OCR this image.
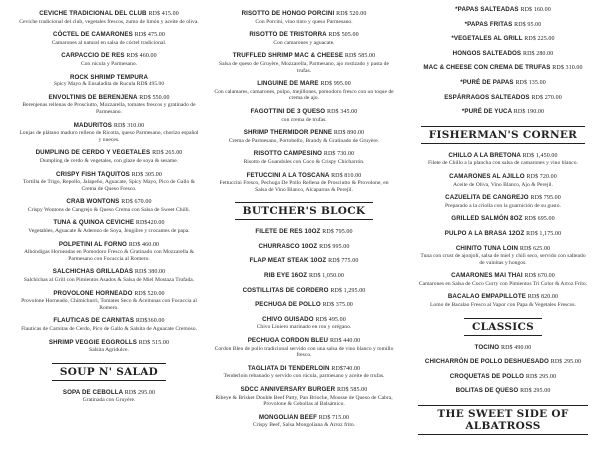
CEVICHE TRADICIONAL DEL CLUB RD$ 415.00
Ceviche tradicional del club, vegetales frescos, zumo de limón y aceite de oliva.
CÓCTEL DE CAMARONES RD$ 475.00
Camarones al natural en salsa de cóctel tradicional.
CARPACCIO DE RES RD$ 460.00
Con rúcula y Parmesano.
ROCK SHRIMP TEMPURA
Spicy Mayo & Ensaladita de Rucula RD$ 495.00
ENVOLTINIS DE BERENJENA RD$ 550.00
Berenjenas rellenas de Prosciutto, Mozzarella, tomates frescos y gratinado de Parmesano.
MADURITOS RD$ 310.00
Lonjas de plátano maduro relleno de Ricotta, queso Parmesano, chorizo español y nueces.
DUMPLING DE CERDO Y VEGETALES RD$ 265.00
Dumpling de cerdo & vegetales, con glaze de soya & sesame.
CRISPY FISH TAQUITOS RD$ 305.00
Tortilla de Trigo, Repollo, Jalapeño, Aguacate, Spicy Mayo, Pico de Gallo & Crema de Queso Fresco.
CRAB WONTONS RD$ 670.00
Crispy Wontons de Cangrejo & Queso Crema con Salsa de Sweet Chilli.
TUNA & QUINOA CEVICHE RD$420.00
Vegetables, Aguacate & Aderezo de Soya, Jengibre y crocantes de papa.
POLPETINI AL FORNO RD$ 460.00
Albóndigas Horneadas en Pomodoro Fresco & Gratinado con Mozzarella & Parmesano con Focaccia al Romero.
SALCHICHAS GRILLADAS RD$ 380.00
Salchichas al Grill con Pimientos Asados & Salsa de Miel Mostaza Trufada.
PROVOLONE HORNEADO RD$ 520.00
Provolone Horneado, Chimichurri, Tomates Seco & Aceitunas con Focaccia al Romero.
FLAUTICAS DE CARNITAS RD$360.00
Flauticas de Carnitas de Cerdo, Pico de Gallo & Salsita de Aguacate Cremoso.
SHRIMP VEGGIE EGGROLLS RD$ 515.00
Salsita Agridulce.
SOUP N' SALAD
SOPA DE CEBOLLA RD$ 295.00
Gratinada con Gruyère.
RISOTTO DE HONGO PORCINI RD$ 520.00
Con Porcini, vino tinto y queso Parmesano.
RISOTTO DE TRISTORRA RD$ 505.00
Con camarones y aguacate.
TRUFFLED SHRIMP MAC & CHEESE RD$ 585.00
Salsa de queso de Gruyère, Mozzarella, Parmesano, ajo rostizado y pasta de trufas.
LINGUINE DE MARE RD$ 995.00
Con calamares, camarones, pulpo, mejillones, pomodoro fresco con un toque de crema de ajo.
FAGOTTINI DE 3 QUESO RD$ 345.00
con crema de trufas.
SHRIMP THERMIDOR PENNE RD$ 890.00
Crema de Parmesano, Portobello, Brandy & Gratinado de Gruyère.
RISOTTO CAMPESINO RD$ 730.00
Risotto de Guandules con Coco & Crispy Chicharrón.
FETUCCINI A LA TOSCANA RD$ 810.00
Fettuccini Fresco, Pechuga De Pollo Rellena de Prosciutto & Provolone, en Salsa de Vino Blanco, Alcaparras & Perejil.
BUTCHER'S BLOCK
FILETE DE RES 10OZ RD$ 795.00
CHURRASCO 10OZ RD$ 995.00
FLAP MEAT STEAK 10OZ RD$ 775.00
RIB EYE 16OZ RD$ 1,050.00
COSTILLITAS DE CORDERO RD$ 1,295.00
PECHUGA DE POLLO RD$ 375.00
CHIVO GUISADO RD$ 495.00
Chivo Liniero marinado en ron y orégano.
PECHUGA CORDON BLEU RD$ 440.00
Cordon Bleu de pollo tradicional servido con una salsa de vino blanco y tomillo fresco.
TAGLIATA DI TENDERLOIN RD$740.00
Tenderloin rebanado y servido con rúcula, parmesano y aceite de trufas.
SDCC ANNIVERSARY BURGER RD$ 585.00
Ribeye & Brisket Double Beef Patty, Pan Brioche, Mousse de Queso de Cabra, Provolone & Cebollas al Balsámico.
MONGOLIAN BEEF RD$ 715.00
Crispy Beef, Salsa Mongoliana & Arroz frito.
*PAPAS SALTEADAS RD$ 160.00
*PAPAS FRITAS RD$ 95.00
*VEGETALES AL GRILL RD$ 225.00
HONGOS SALTEADOS RD$ 280.00
MAC & CHEESE CON CREMA DE TRUFAS RD$ 310.00
*PURÉ DE PAPAS RD$ 135.00
ESPÁRRAGOS SALTEADOS RD$ 270.00
*PURÉ DE YUCA RD$ 190.00
FISHERMAN'S CORNER
CHILLO A LA BRETONA RD$ 1,450.00
Filete de Chillo a la plancha con salsa de camarones y vino blanco.
CAMARONES AL AJILLO RD$ 720.00
Aceite de Oliva, Vino Blanco, Ajo & Perejil.
CAZUELITA DE CANGREJO RD$ 795.00
Preparado a la criolla con la guarnición de su gusto.
GRILLED SALMÓN 8OZ RD$ 695.00
PULPO A LA BRASA 12OZ RD$ 1,175.00
CHINITO TUNA LOIN RD$ 625.00
Tuna con crust de ajonjolí, salsa de miel y chili seco, servido con salteado de vainitas y hongos.
CAMARONES MAI THAI RD$ 670.00
Camarones en Salsa de Coco Curry con Pimientos Tri Color & Arroz Frito.
BACALAO EMPAPILLOTE RD$ 820.00
Lomo de Bacalao Fresco al Vapor con Papa & Vegetales Frescos.
CLASSICS
TOCINO RD$ 490.00
CHICHARRÓN DE POLLO DESHUESADO RD$ 295.00
CROQUETAS DE POLLO RD$ 295.00
BOLITAS DE QUESO RD$ 295.00
THE SWEET SIDE OF ALBATROSS
